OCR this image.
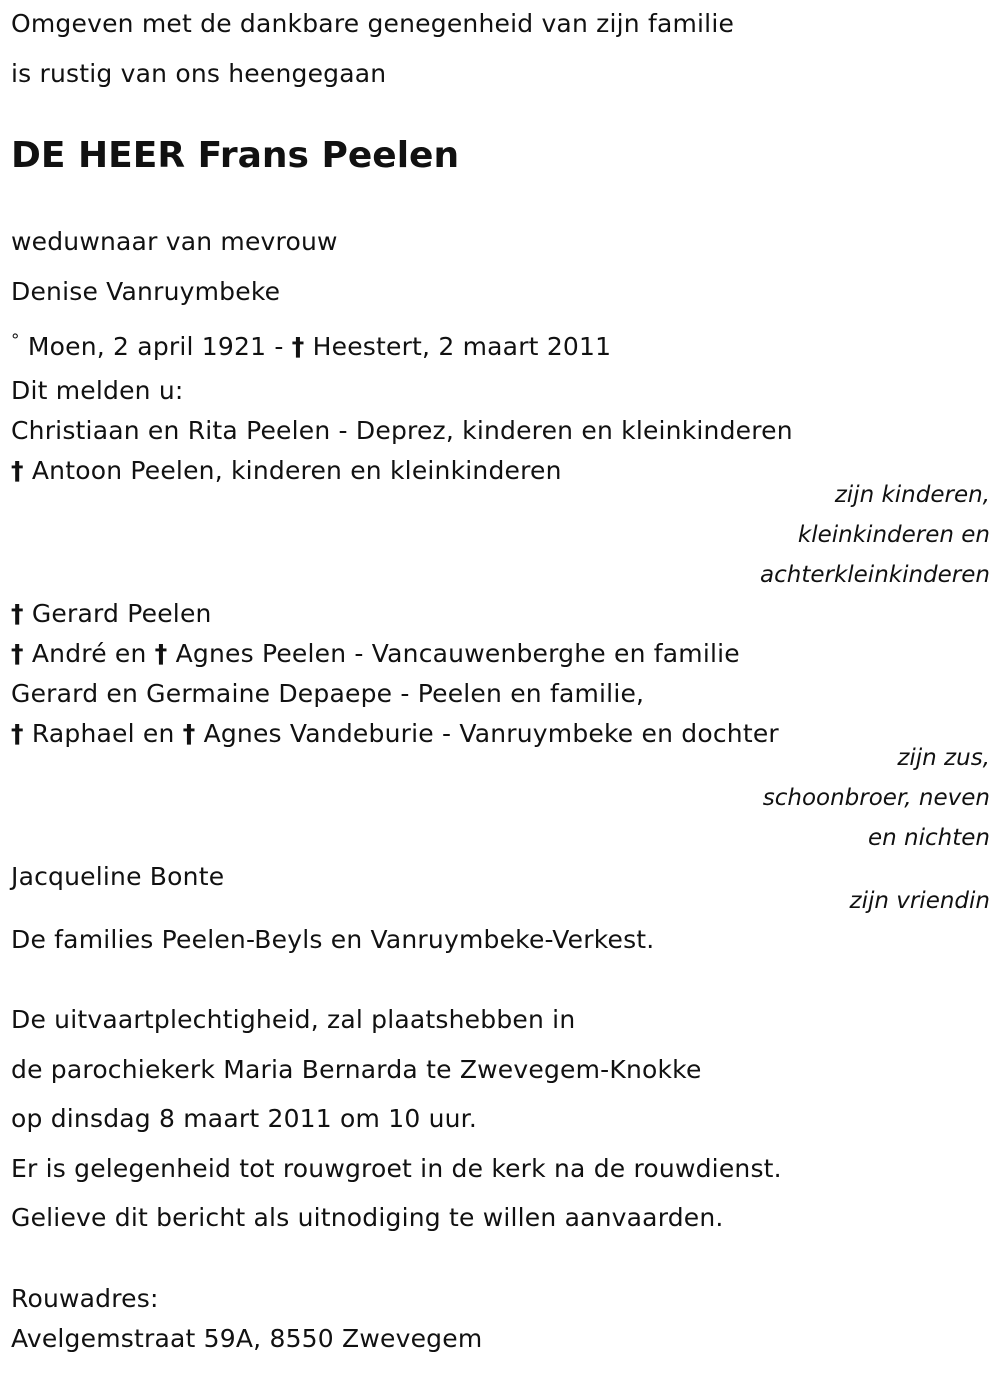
Omgeven met de dankbare genegenheid van zijn familie
is rustig van ons heengegaan
DE HEER Frans Peelen
weduwnaar van mevrouw
Denise Vanruymbeke
° Moen, 2 april 1921 - † Heestert, 2 maart 2011
Dit melden u:
Christiaan en Rita Peelen - Deprez, kinderen en kleinkinderen
† Antoon Peelen, kinderen en kleinkinderen
zijn kinderen,
kleinkinderen en
achterkleinkinderen
† Gerard Peelen
† André en † Agnes Peelen - Vancauwenberghe en familie
Gerard en Germaine Depaepe - Peelen en familie,
† Raphael en † Agnes Vandeburie - Vanruymbeke en dochter
zijn zus,
schoonbroer, neven
en nichten
Jacqueline Bonte
zijn vriendin
De families Peelen-Beyls en Vanruymbeke-Verkest.
De uitvaartplechtigheid, zal plaatshebben in
de parochiekerk Maria Bernarda te Zwevegem-Knokke
op dinsdag 8 maart 2011 om 10 uur.
Er is gelegenheid tot rouwgroet in de kerk na de rouwdienst.
Gelieve dit bericht als uitnodiging te willen aanvaarden.
Rouwadres:
Avelgemstraat 59A, 8550 Zwevegem
